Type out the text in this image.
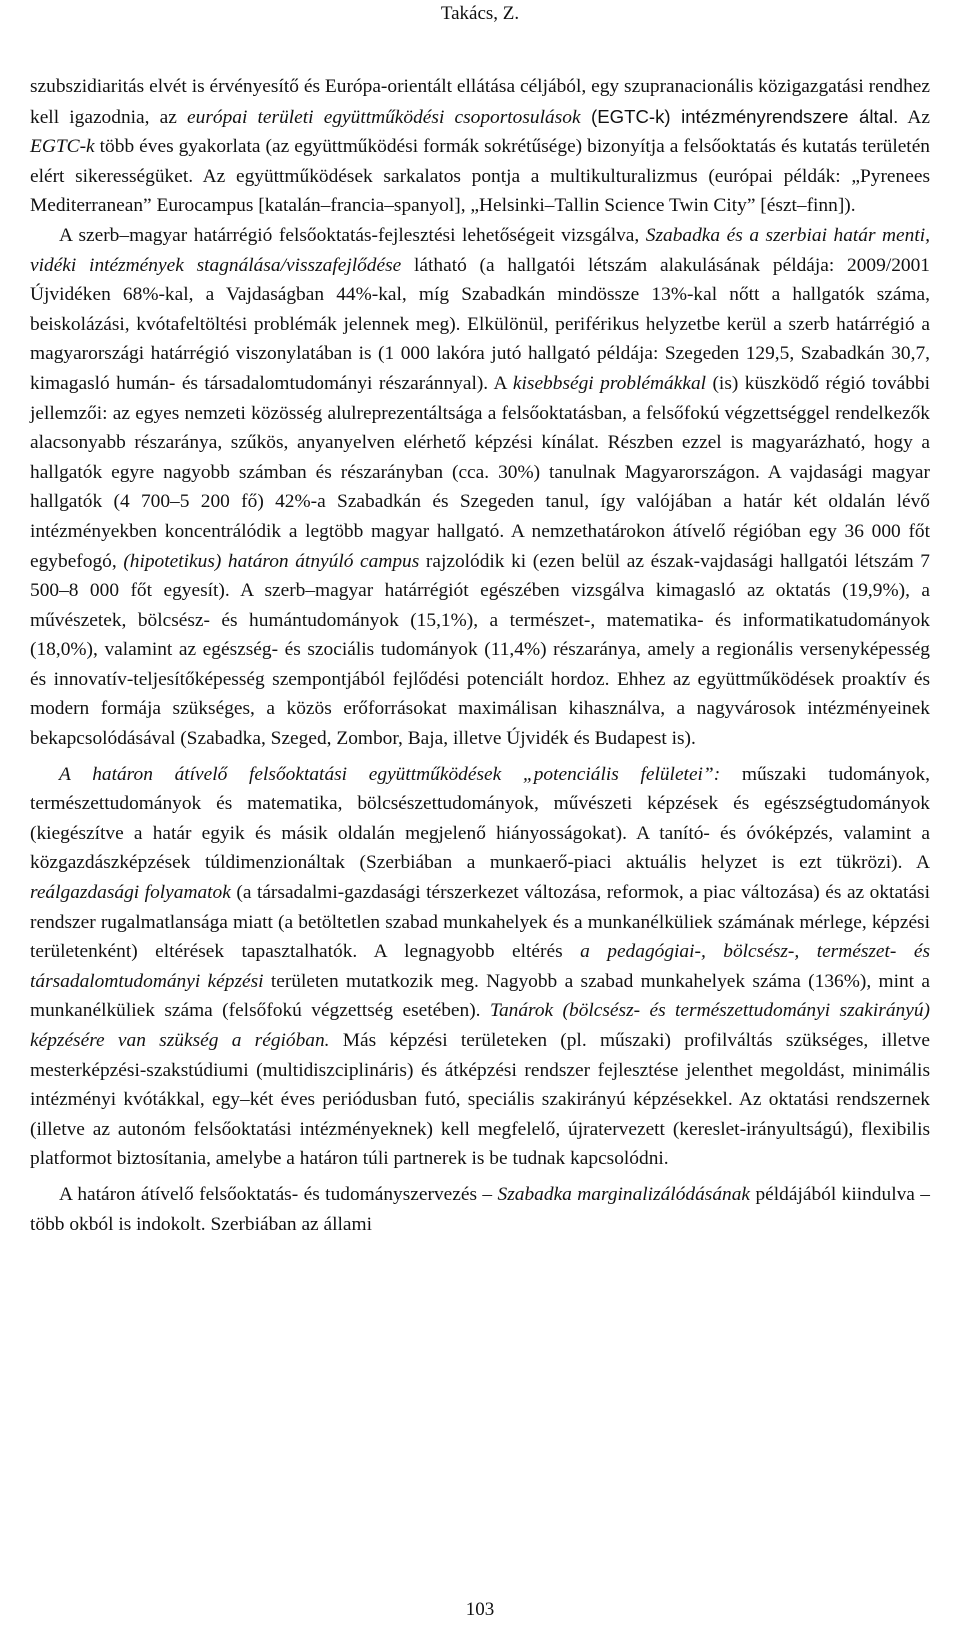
Takács, Z.

szubszidiaritás elvét is érvényesítő és Európa-orientált ellátása céljából, egy szupranacionális közigazgatási rendhez kell igazodnia, az európai területi együttműködési csoportosulások (EGTC-k) intézményrendszere által. Az EGTC-k több éves gyakorlata (az együttműködési formák sokrétűsége) bizonyítja a felsőoktatás és kutatás területén elért sikerességüket. Az együttműködések sarkalatos pontja a multikulturalizmus (európai példák: „Pyrenees Mediterranean” Eurocampus [katalán–francia–spanyol], „Helsinki–Tallin Science Twin City” [észt–finn]).

A szerb–magyar határrégió felsőoktatás-fejlesztési lehetőségeit vizsgálva, Szabadka és a szerbiai határ menti, vidéki intézmények stagnálása/visszafejlődése látható (a hallgatói létszám alakulásának példája: 2009/2001 Újvidéken 68%-kal, a Vajdaságban 44%-kal, míg Szabadkán mindössze 13%-kal nőtt a hallgatók száma, beiskolázási, kvótafeltöltési problémák jelennek meg). Elkülönül, periférikus helyzetbe kerül a szerb határrégió a magyarországi határrégió viszonylatában is (1 000 lakóra jutó hallgató példája: Szegeden 129,5, Szabadkán 30,7, kimagasló humán- és társadalomtudományi részaránnyal). A kisebbségi problémákkal (is) küszködő régió további jellemzői: az egyes nemzeti közösség alulreprezentáltsága a felsőoktatásban, a felsőfokú végzettséggel rendelkezők alacsonyabb részaránya, szűkös, anyanyelven elérhető képzési kínálat. Részben ezzel is magyarázható, hogy a hallgatók egyre nagyobb számban és részarányban (cca. 30%) tanulnak Magyarországon. A vajdasági magyar hallgatók (4 700–5 200 fő) 42%-a Szabadkán és Szegeden tanul, így valójában a határ két oldalán lévő intézményekben koncentrálódik a legtöbb magyar hallgató. A nemzethatárokon átívelő régióban egy 36 000 főt egybefogó, (hipotetikus) határon átnyúló campus rajzolódik ki (ezen belül az észak-vajdasági hallgatói létszám 7 500–8 000 főt egyesít). A szerb–magyar határrégiót egészében vizsgálva kimagasló az oktatás (19,9%), a művészetek, bölcsész- és humántudományok (15,1%), a természet-, matematika- és informatikatudományok (18,0%), valamint az egészség- és szociális tudományok (11,4%) részaránya, amely a regionális versenyképesség és innovatív-teljesítőképesség szempontjából fejlődési potenciált hordoz. Ehhez az együttműködések proaktív és modern formája szükséges, a közös erőforrásokat maximálisan kihasználva, a nagyvárosok intézményeinek bekapcsolódásával (Szabadka, Szeged, Zombor, Baja, illetve Újvidék és Budapest is).

A határon átívelő felsőoktatási együttműködések „potenciális felületei”: műszaki tudományok, természettudományok és matematika, bölcsészettudományok, művészeti képzések és egészségtudományok (kiegészítve a határ egyik és másik oldalán megjelenő hiányosságokat). A tanító- és óvóképzés, valamint a közgazdászképzések túldimenzionáltak (Szerbiában a munkaerő-piaci aktuális helyzet is ezt tükrözi). A reálgazdasági folyamatok (a társadalmi-gazdasági térszerkezet változása, reformok, a piac változása) és az oktatási rendszer rugalmatlansága miatt (a betöltetlen szabad munkahelyek és a munkanélküliek számának mérlege, képzési területenként) eltérések tapasztalhatók. A legnagyobb eltérés a pedagógiai-, bölcsész-, természet- és társadalomtudományi képzési területen mutatkozik meg. Nagyobb a szabad munkahelyek száma (136%), mint a munkanélküliek száma (felsőfokú végzettség esetében). Tanárok (bölcsész- és természettudományi szakirányú) képzésére van szükség a régióban. Más képzési területeken (pl. műszaki) profilváltás szükséges, illetve mesterképzési-szakstúdiumi (multidiszciplináris) és átképzési rendszer fejlesztése jelenthet megoldást, minimális intézményi kvótákkal, egy–két éves periódusban futó, speciális szakirányú képzésekkel. Az oktatási rendszernek (illetve az autonóm felsőoktatási intézményeknek) kell megfelelő, újratervezett (kereslet-irányultságú), flexibilis platformot biztosítania, amelybe a határon túli partnerek is be tudnak kapcsolódni.

A határon átívelő felsőoktatás- és tudományszervezés – Szabadka marginalizálódásának példájából kiindulva – több okból is indokolt. Szerbiában az állami

103
